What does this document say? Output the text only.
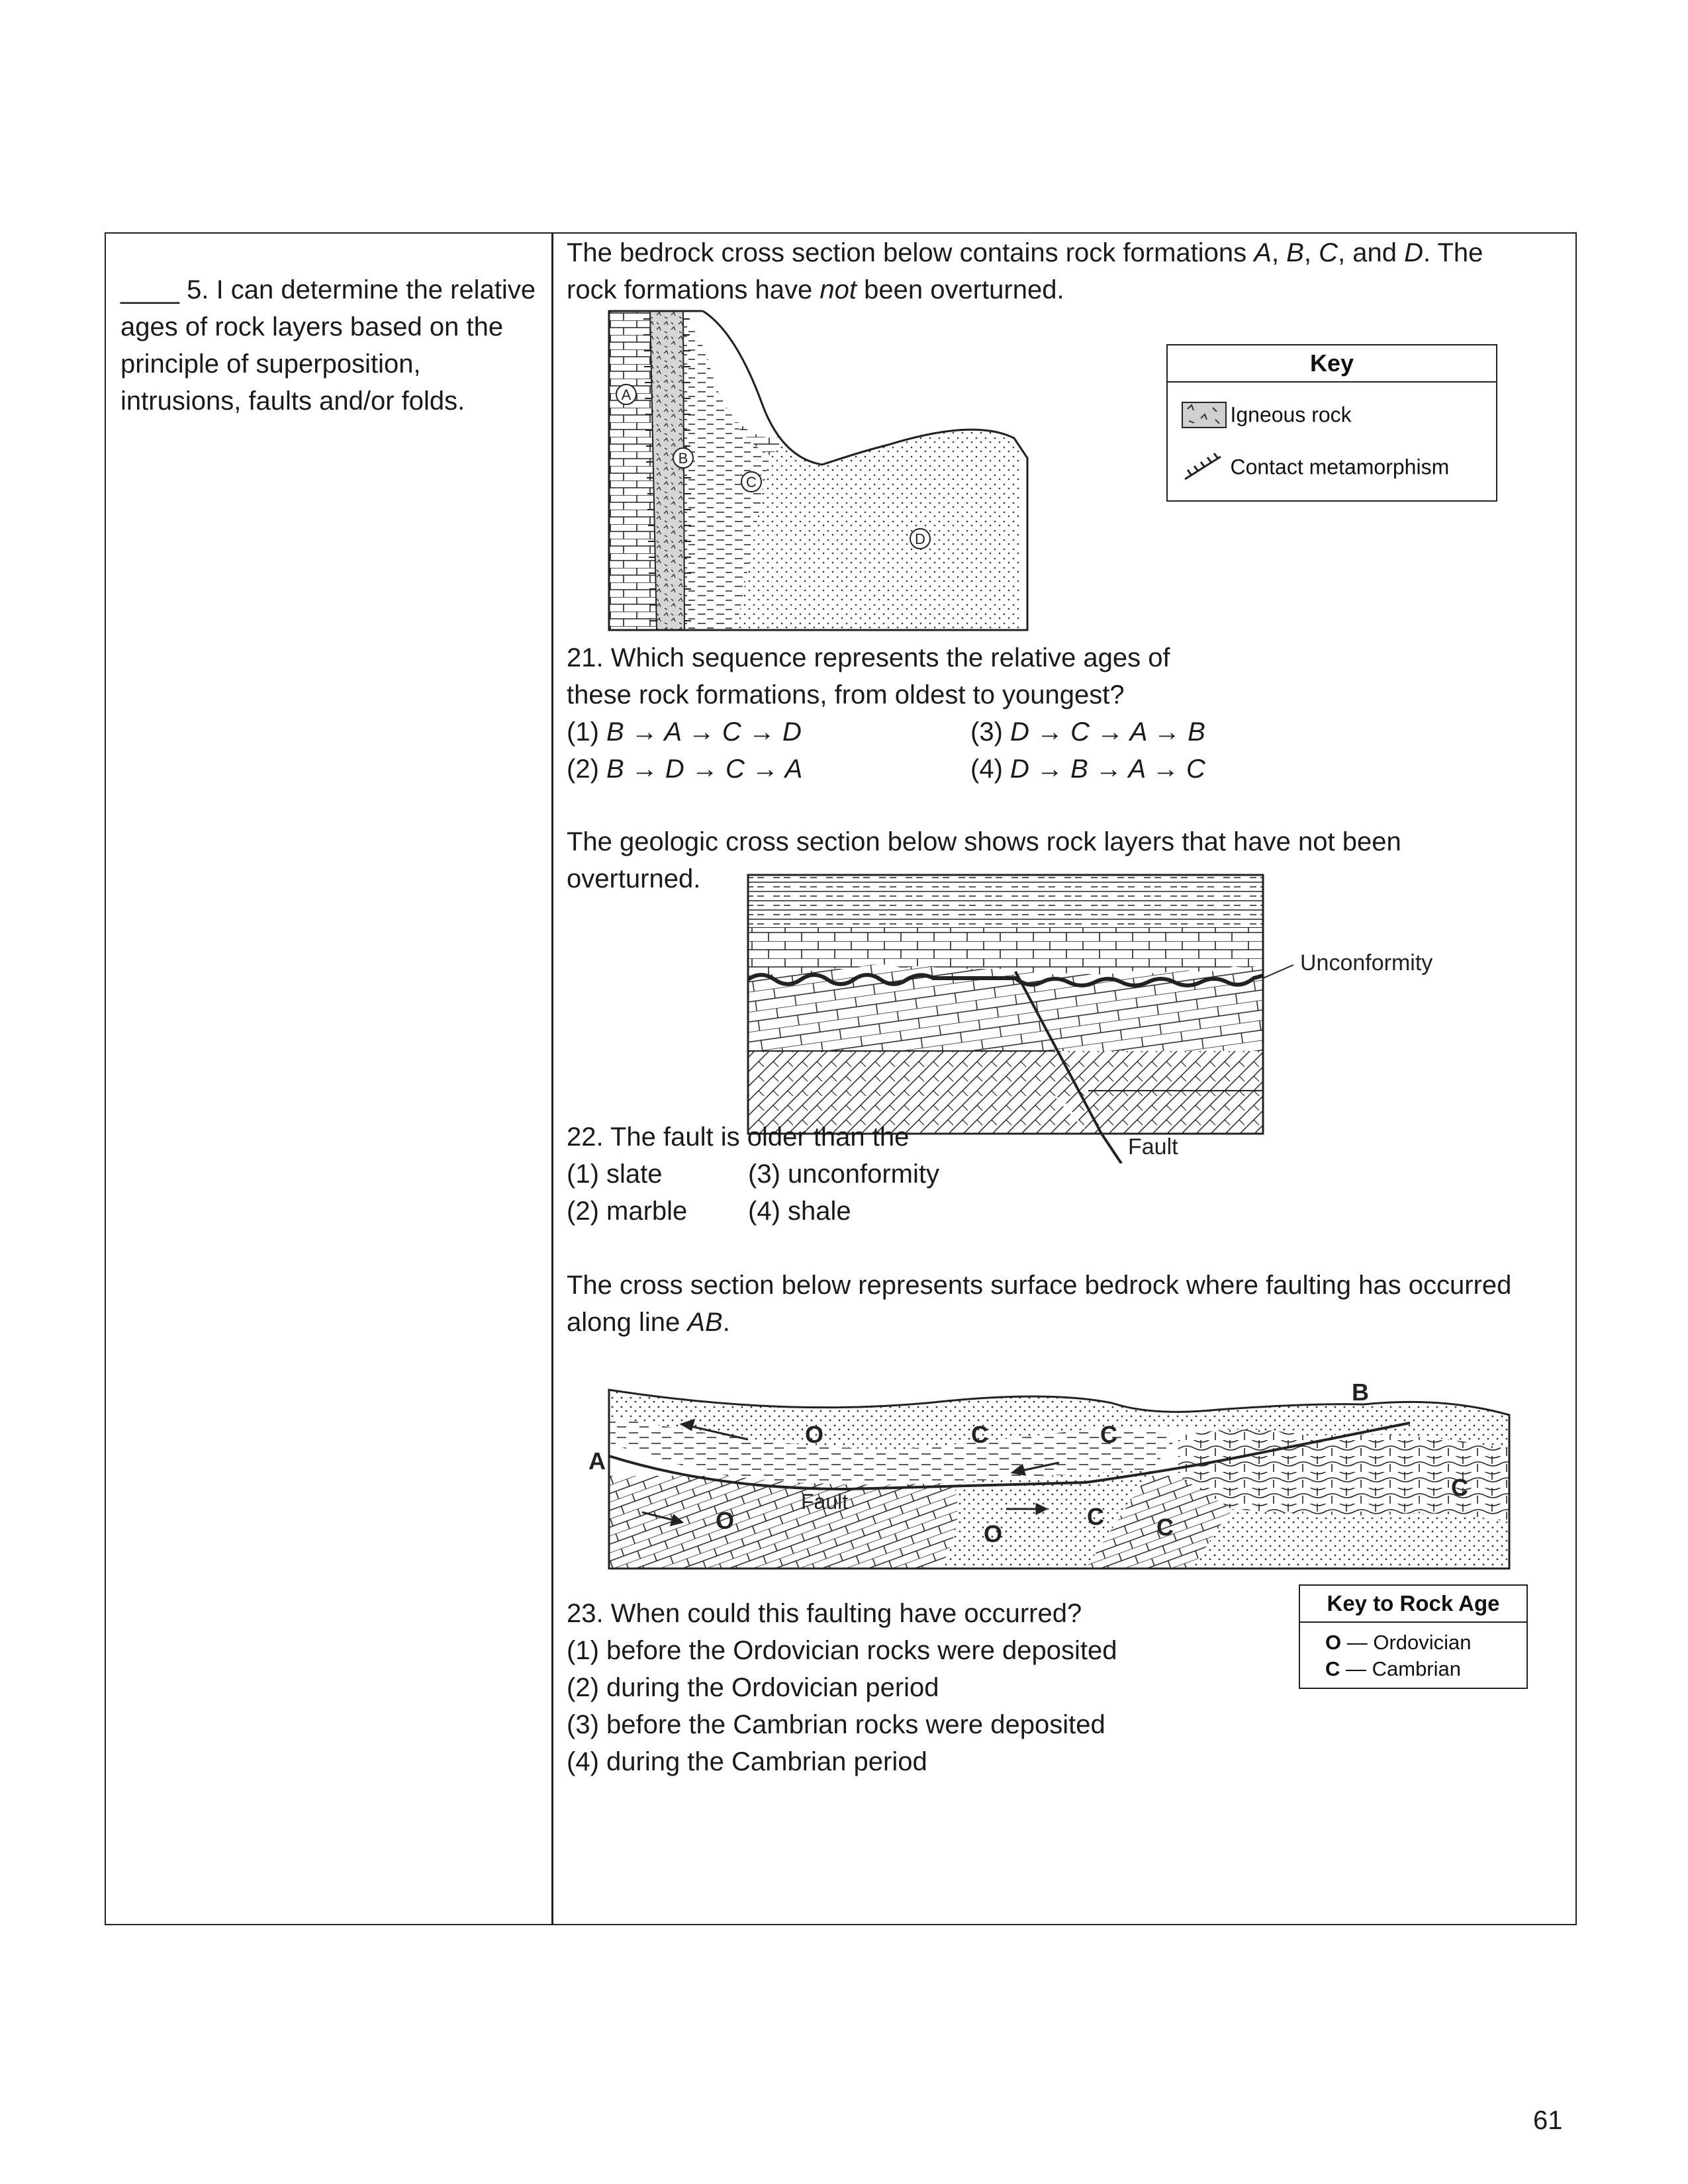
____ 5. I can determine the relative ages of rock layers based on the principle of superposition, intrusions, faults and/or folds.
The bedrock cross section below contains rock formations A, B, C, and D. The
rock formations have not been overturned.
A
B
C
D
Key
Igneous rock
Contact metamorphism
21. Which sequence represents the relative ages of
these rock formations, from oldest to youngest?
(1) B → A → C → D
(2) B → D → C → A
(3) D → C → A → B
(4) D → B → A → C
The geologic cross section below shows rock layers that have not been
overturned.
Unconformity
Fault
22. The fault is older than the
(1) slate
(2) marble
(3) unconformity
(4) shale
The cross section below represents surface bedrock where faulting has occurred
along line AB.
A
B
O	C	C
O	O
C C
C
Fault
Key to Rock Age
O — Ordovician
C — Cambrian
23. When could this faulting have occurred?
(1) before the Ordovician rocks were deposited
(2) during the Ordovician period
(3) before the Cambrian rocks were deposited
(4) during the Cambrian period
61
